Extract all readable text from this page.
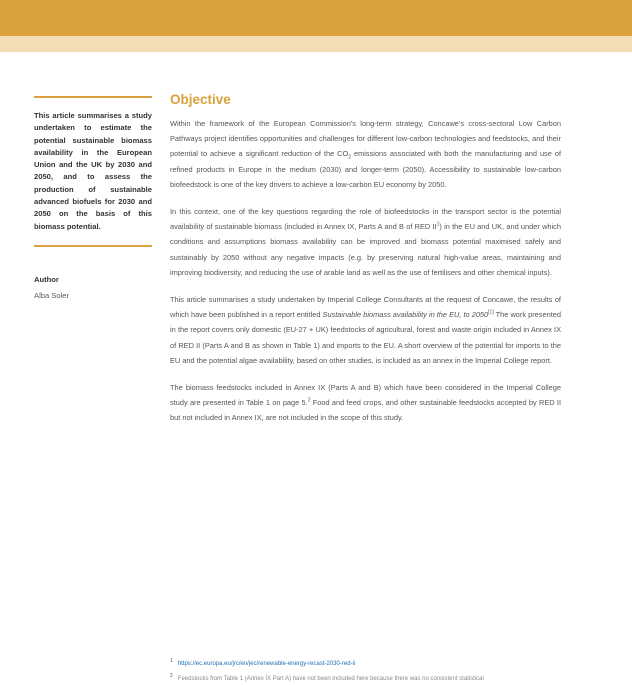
This article summarises a study undertaken to estimate the potential sustainable biomass availability in the European Union and the UK by 2030 and 2050, and to assess the production of sustainable advanced biofuels for 2030 and 2050 on the basis of this biomass potential.
Author
Alba Soler
Objective

Within the framework of the European Commission's long-term strategy, Concawe's cross-sectoral Low Carbon Pathways project identifies opportunities and challenges for different low-carbon technologies and feedstocks, and their potential to achieve a significant reduction of the $CO_2$ emissions associated with both the manufacturing and use of refined products in Europe in the medium (2030) and longer-term (2050). Accessibility to sustainable low-carbon biofeedstock is one of the key drivers to achieve a low-carbon EU economy by 2050.

In this context, one of the key questions regarding the role of biofeedstocks in the transport sector is the potential availability of sustainable biomass (included in Annex IX, Parts A and B of RED $II^1$) in the EU and UK, and under which conditions and assumptions biomass availability can be improved and biomass potential maximised safely and sustainably by 2050 without any negative impacts (e.g. by preserving natural high-value areas, maintaining and improving biodiversity, and reducing the use of arable land as well as the use of fertilisers and other chemical inputs).

This article summarises a study undertaken by Imperial College Consultants at the request of Concawe, the results of which have been published in a report entitled Sustainable biomass availability in the EU, to 2050[1] The work presented in the report covers only domestic (EU-27 + UK) feedstocks of agricultural, forest and waste origin included in Annex IX of RED II (Parts A and B as shown in Table 1) and imports to the EU. A short overview of the potential for imports to the EU and the potential algae availability, based on other studies, is included as an annex in the Imperial College report.

The biomass feedstocks included in Annex IX (Parts A and B) which have been considered in the Imperial College study are presented in Table 1 on page 5.$^2$ Food and feed crops, and other sustainable feedstocks accepted by RED II but not included in Annex IX, are not included in the scope of this study.

$^1$ https://ec.europa.eu/jrc/en/jec/renewable-energy-recast-2030-red-ii
$^2$ Feedstocks from Table 1 (Annex IX Part A) have not been included here because there was no consistent statistical
